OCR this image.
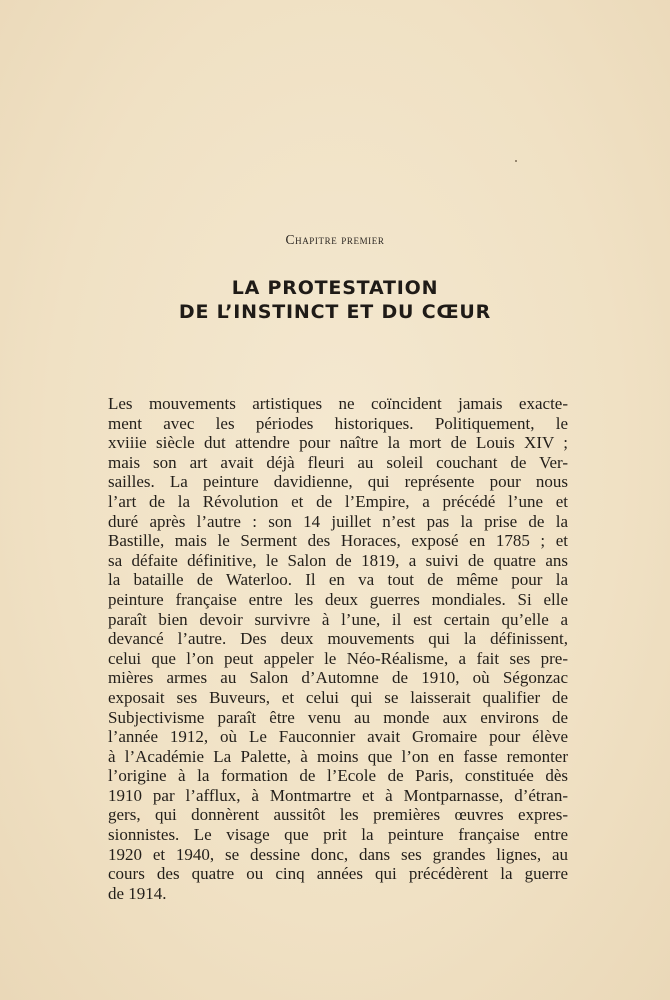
Chapitre premier
LA PROTESTATION
DE L’INSTINCT ET DU CŒUR
Les mouvements artistiques ne coïncident jamais exacte-
ment avec les périodes historiques. Politiquement, le
xviiie siècle dut attendre pour naître la mort de Louis XIV ;
mais son art avait déjà fleuri au soleil couchant de Ver-
sailles. La peinture davidienne, qui représente pour nous
l’art de la Révolution et de l’Empire, a précédé l’une et
duré après l’autre : son 14 juillet n’est pas la prise de la
Bastille, mais le Serment des Horaces, exposé en 1785 ; et
sa défaite définitive, le Salon de 1819, a suivi de quatre ans
la bataille de Waterloo. Il en va tout de même pour la
peinture française entre les deux guerres mondiales. Si elle
paraît bien devoir survivre à l’une, il est certain qu’elle a
devancé l’autre. Des deux mouvements qui la définissent,
celui que l’on peut appeler le Néo-Réalisme, a fait ses pre-
mières armes au Salon d’Automne de 1910, où Ségonzac
exposait ses Buveurs, et celui qui se laisserait qualifier de
Subjectivisme paraît être venu au monde aux environs de
l’année 1912, où Le Fauconnier avait Gromaire pour élève
à l’Académie La Palette, à moins que l’on en fasse remonter
l’origine à la formation de l’Ecole de Paris, constituée dès
1910 par l’afflux, à Montmartre et à Montparnasse, d’étran-
gers, qui donnèrent aussitôt les premières œuvres expres-
sionnistes. Le visage que prit la peinture française entre
1920 et 1940, se dessine donc, dans ses grandes lignes, au
cours des quatre ou cinq années qui précédèrent la guerre
de 1914.
